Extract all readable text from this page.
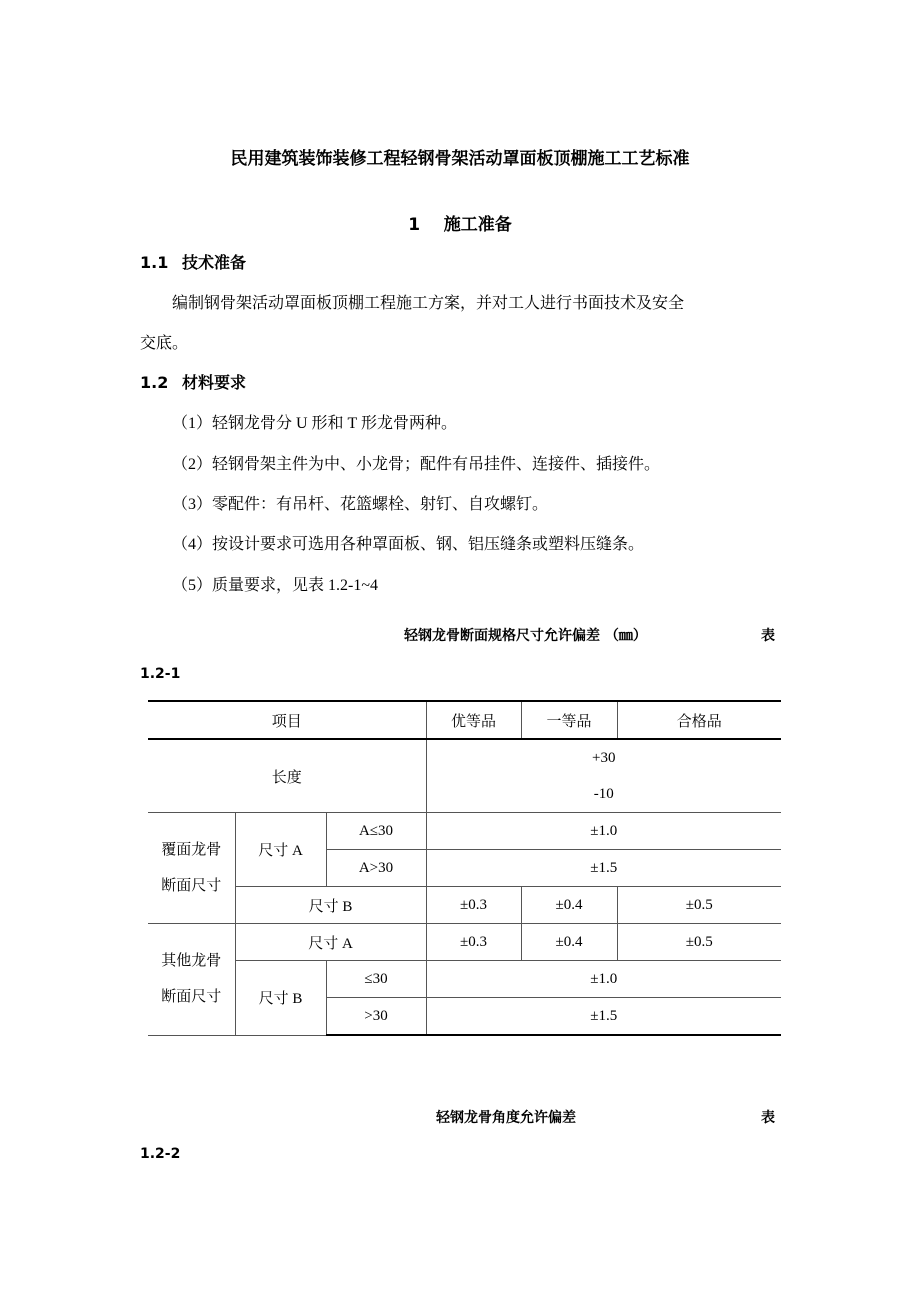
民用建筑装饰装修工程轻钢骨架活动罩面板顶棚施工工艺标准
1 施工准备
1.1 技术准备
编制钢骨架活动罩面板顶棚工程施工方案，并对工人进行书面技术及安全
交底。
1.2 材料要求
（1）轻钢龙骨分 U 形和 T 形龙骨两种。
（2）轻钢骨架主件为中、小龙骨；配件有吊挂件、连接件、插接件。
（3）零配件：有吊杆、花篮螺栓、射钉、自攻螺钉。
（4）按设计要求可选用各种罩面板、钢、铝压缝条或塑料压缝条。
（5）质量要求，见表 1.2-1~4
轻钢龙骨断面规格尺寸允许偏差 （㎜）	表
1.2-1
项目			优等品	一等品	合格品
长度			+30
-10		

覆面龙骨
断面尺寸	尺寸 A	A≤30	±1.0		
		A>30	±1.5		
	尺寸 B		±0.3	±0.4	±0.5

其他龙骨
断面尺寸	尺寸 A		±0.3	±0.4	±0.5
	尺寸 B	≤30	±1.0		
		>30	±1.5		
轻钢龙骨角度允许偏差	表
1.2-2
